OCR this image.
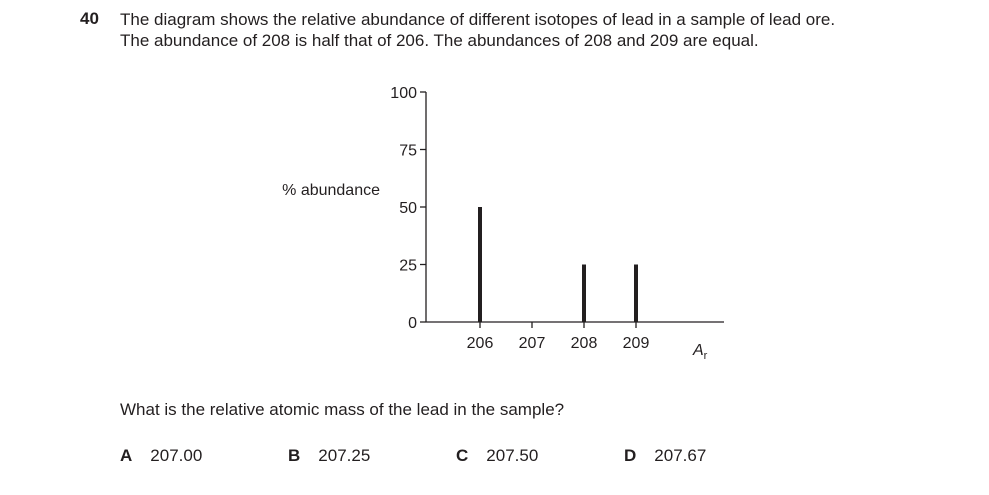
40 The diagram shows the relative abundance of different isotopes of lead in a sample of lead ore.
The abundance of 208 is half that of 206. The abundances of 208 and 209 are equal.
0
25
50
75
100
% abundance
206 207 208 209	$A_r$
What is the relative atomic mass of the lead in the sample?
A 207.00	B 207.25	C 207.50	D 207.67
